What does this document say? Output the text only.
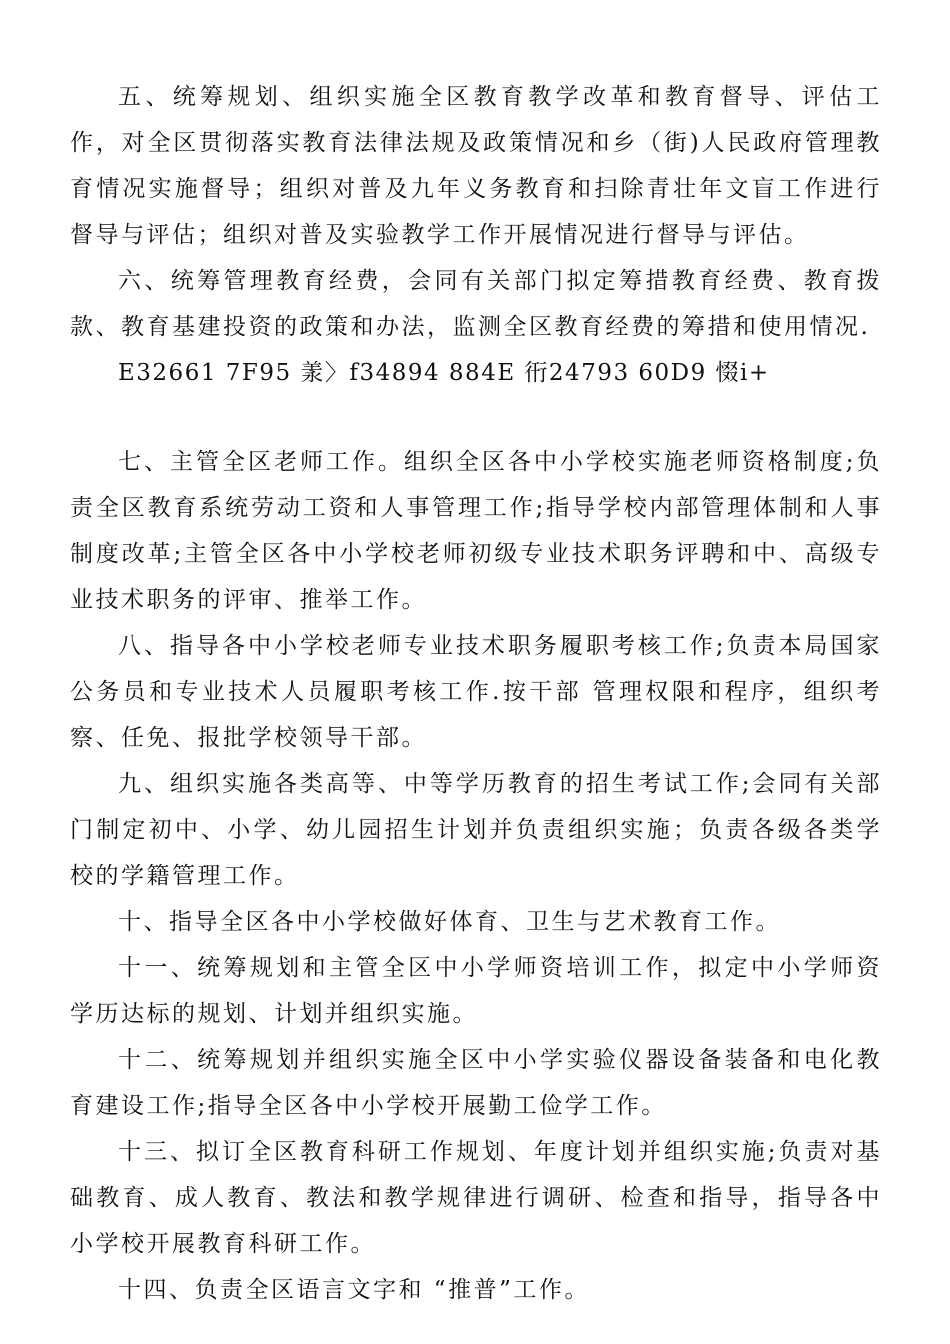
五、统筹规划、组织实施全区教育教学改革和教育督导、评估工作，对全区贯彻落实教育法律法规及政策情况和乡（街)人民政府管理教育情况实施督导；组织对普及九年义务教育和扫除青壮年文盲工作进行督导与评估；组织对普及实验教学工作开展情况进行督导与评估。

六、统筹管理教育经费，会同有关部门拟定筹措教育经费、教育拨款、教育基建投资的政策和办法，监测全区教育经费的筹措和使用情况.

E32661 7F95 羕〉f34894 884E 衎24793 60D9 惙i+

七、主管全区老师工作。组织全区各中小学校实施老师资格制度;负责全区教育系统劳动工资和人事管理工作;指导学校内部管理体制和人事制度改革;主管全区各中小学校老师初级专业技术职务评聘和中、高级专业技术职务的评审、推举工作。

八、指导各中小学校老师专业技术职务履职考核工作;负责本局国家公务员和专业技术人员履职考核工作.按干部 管理权限和程序，组织考察、任免、报批学校领导干部。

九、组织实施各类高等、中等学历教育的招生考试工作;会同有关部门制定初中、小学、幼儿园招生计划并负责组织实施；负责各级各类学校的学籍管理工作。

十、指导全区各中小学校做好体育、卫生与艺术教育工作。

十一、统筹规划和主管全区中小学师资培训工作，拟定中小学师资学历达标的规划、计划并组织实施。

十二、统筹规划并组织实施全区中小学实验仪器设备装备和电化教育建设工作;指导全区各中小学校开展勤工俭学工作。

十三、拟订全区教育科研工作规划、年度计划并组织实施;负责对基础教育、成人教育、教法和教学规律进行调研、检查和指导，指导各中小学校开展教育科研工作。

十四、负责全区语言文字和 “推普”工作。
